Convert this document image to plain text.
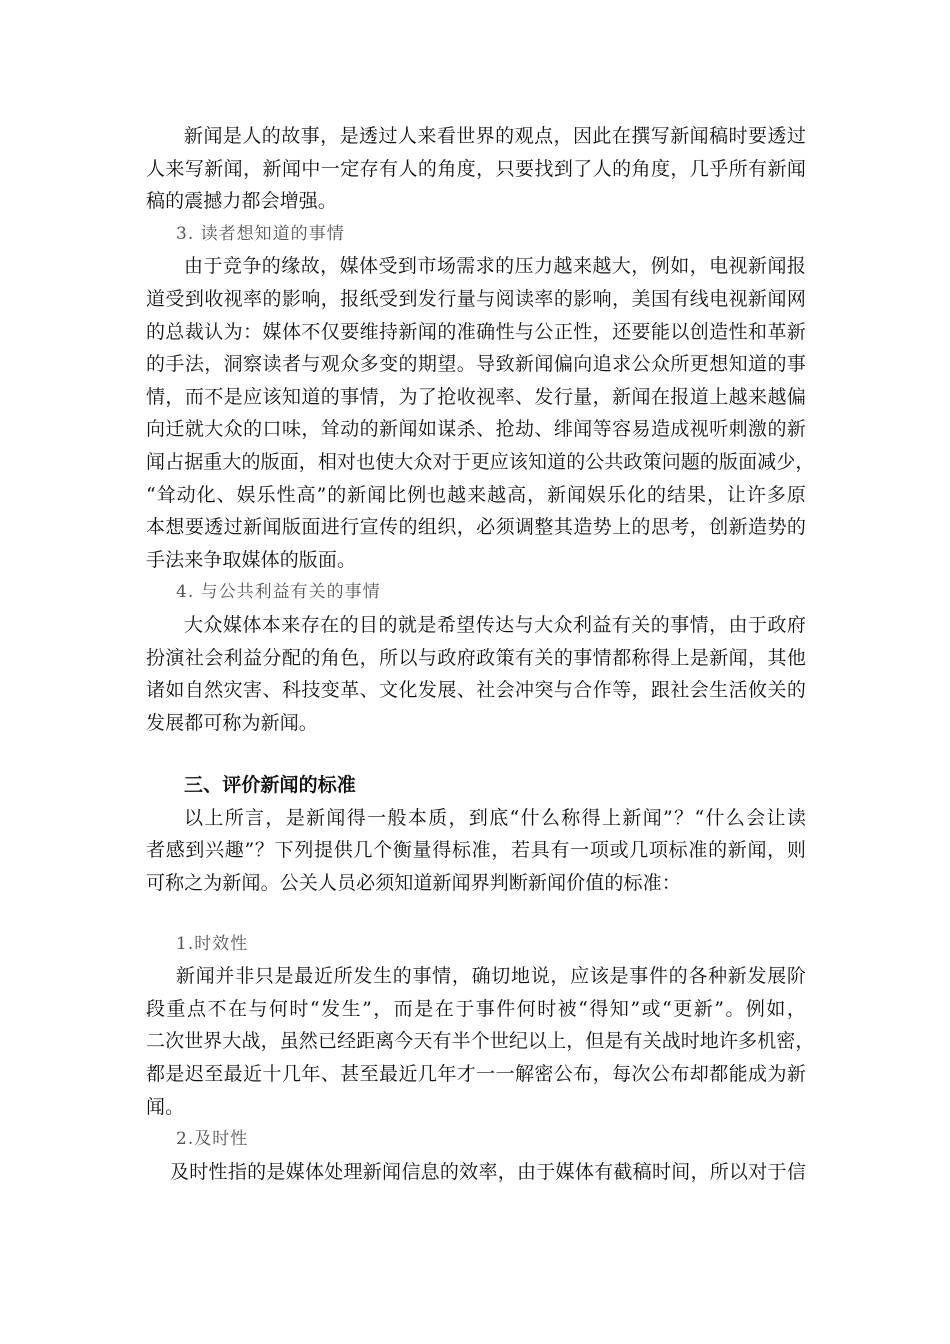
新闻是人的故事，是透过人来看世界的观点，因此在撰写新闻稿时要透过
人来写新闻，新闻中一定存有人的角度，只要找到了人的角度，几乎所有新闻
稿的震撼力都会增强。
3. 读者想知道的事情
由于竞争的缘故，媒体受到市场需求的压力越来越大，例如，电视新闻报
道受到收视率的影响，报纸受到发行量与阅读率的影响，美国有线电视新闻网
的总裁认为：媒体不仅要维持新闻的准确性与公正性，还要能以创造性和革新
的手法，洞察读者与观众多变的期望。导致新闻偏向追求公众所更想知道的事
情，而不是应该知道的事情，为了抢收视率、发行量，新闻在报道上越来越偏
向迁就大众的口味，耸动的新闻如谋杀、抢劫、绯闻等容易造成视听刺激的新
闻占据重大的版面，相对也使大众对于更应该知道的公共政策问题的版面减少，
“耸动化、娱乐性高”的新闻比例也越来越高，新闻娱乐化的结果，让许多原
本想要透过新闻版面进行宣传的组织，必须调整其造势上的思考，创新造势的
手法来争取媒体的版面。
4. 与公共利益有关的事情
大众媒体本来存在的目的就是希望传达与大众利益有关的事情，由于政府
扮演社会利益分配的角色，所以与政府政策有关的事情都称得上是新闻，其他
诸如自然灾害、科技变革、文化发展、社会冲突与合作等，跟社会生活攸关的
发展都可称为新闻。
三、评价新闻的标准
以上所言，是新闻得一般本质，到底“什么称得上新闻”？“什么会让读
者感到兴趣”？下列提供几个衡量得标准，若具有一项或几项标准的新闻，则
可称之为新闻。公关人员必须知道新闻界判断新闻价值的标准：
1.时效性
新闻并非只是最近所发生的事情，确切地说，应该是事件的各种新发展阶
段重点不在与何时“发生”，而是在于事件何时被“得知”或“更新”。例如，
二次世界大战，虽然已经距离今天有半个世纪以上，但是有关战时地许多机密，
都是迟至最近十几年、甚至最近几年才一一解密公布，每次公布却都能成为新
闻。
2.及时性
及时性指的是媒体处理新闻信息的效率，由于媒体有截稿时间，所以对于信
